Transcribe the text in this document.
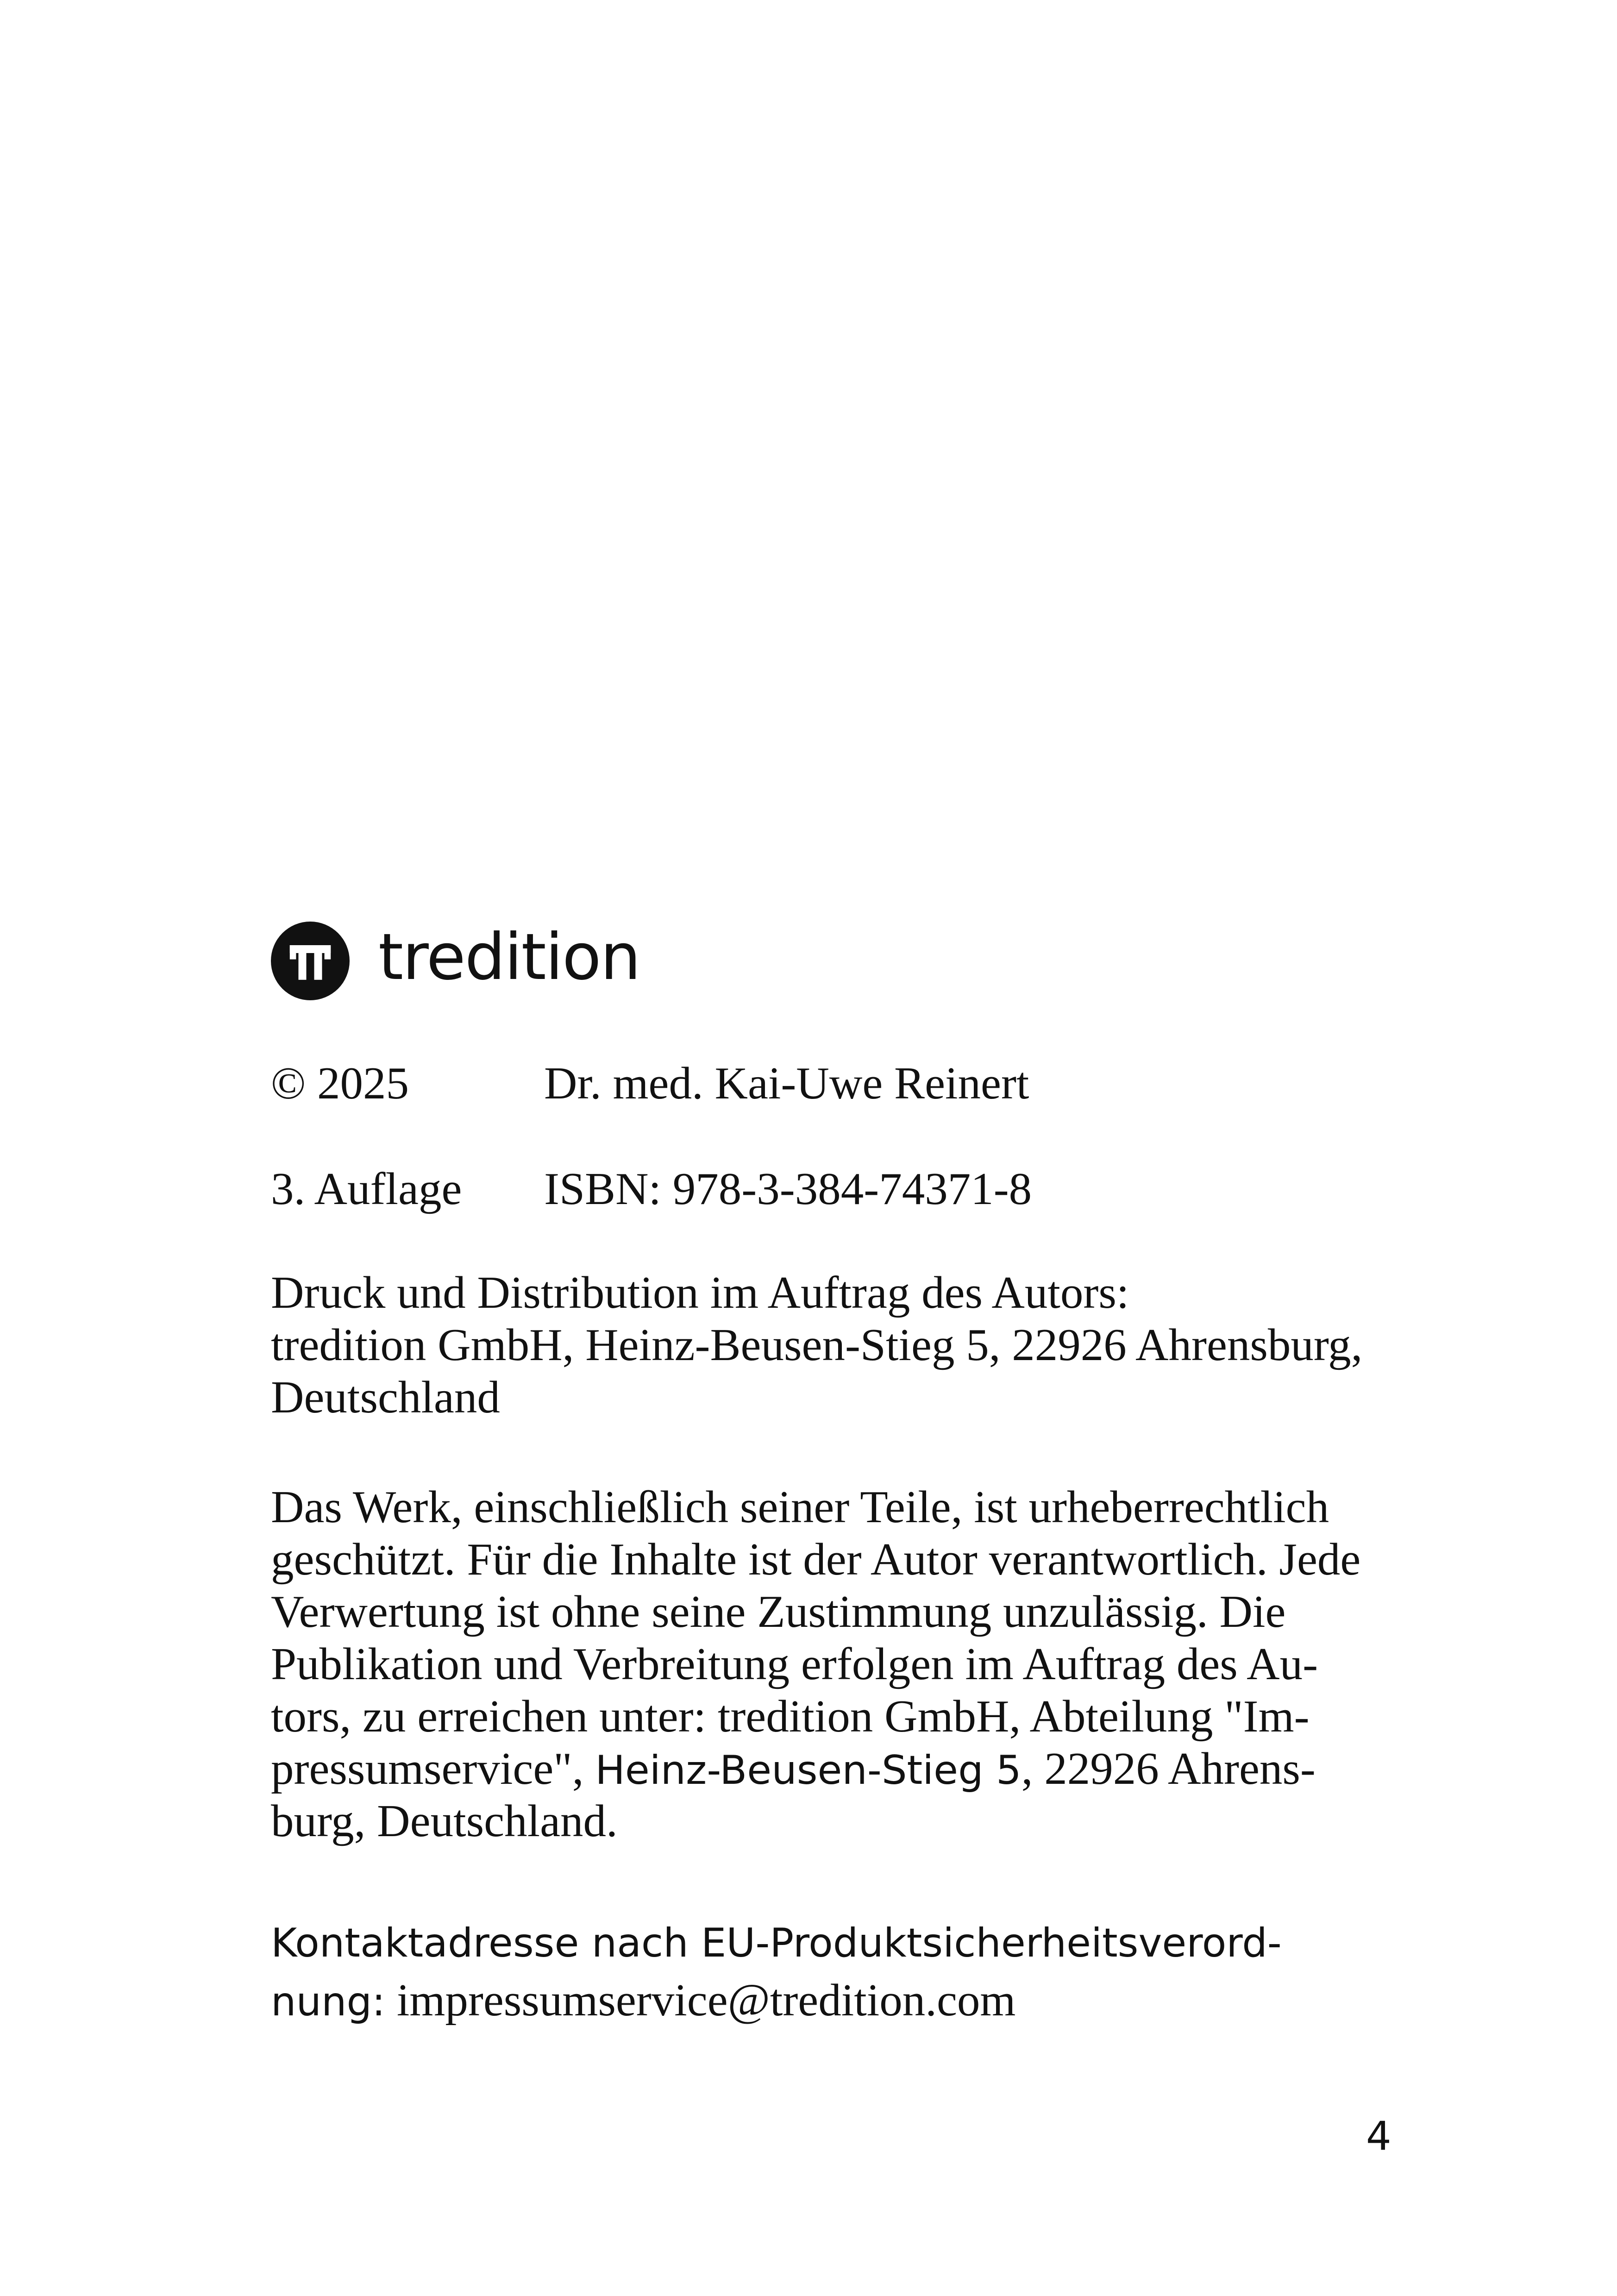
tredition
© 2025	Dr. med. Kai-Uwe Reinert
3. Auflage ISBN: 978-3-384-74371-8
Druck und Distribution im Auftrag des Autors:
tredition GmbH, Heinz-Beusen-Stieg 5, 22926 Ahrensburg,
Deutschland
Das Werk, einschließlich seiner Teile, ist urheberrechtlich
geschützt. Für die Inhalte ist der Autor verantwortlich. Jede
Verwertung ist ohne seine Zustimmung unzulässig. Die
Publikation und Verbreitung erfolgen im Auftrag des Au-
tors, zu erreichen unter: tredition GmbH, Abteilung "Im-
pressumservice", Heinz-Beusen-Stieg 5, 22926 Ahrens-
burg, Deutschland.
Kontaktadresse nach EU-Produktsicherheitsverord-
nung: impressumservice@tredition.com
4
